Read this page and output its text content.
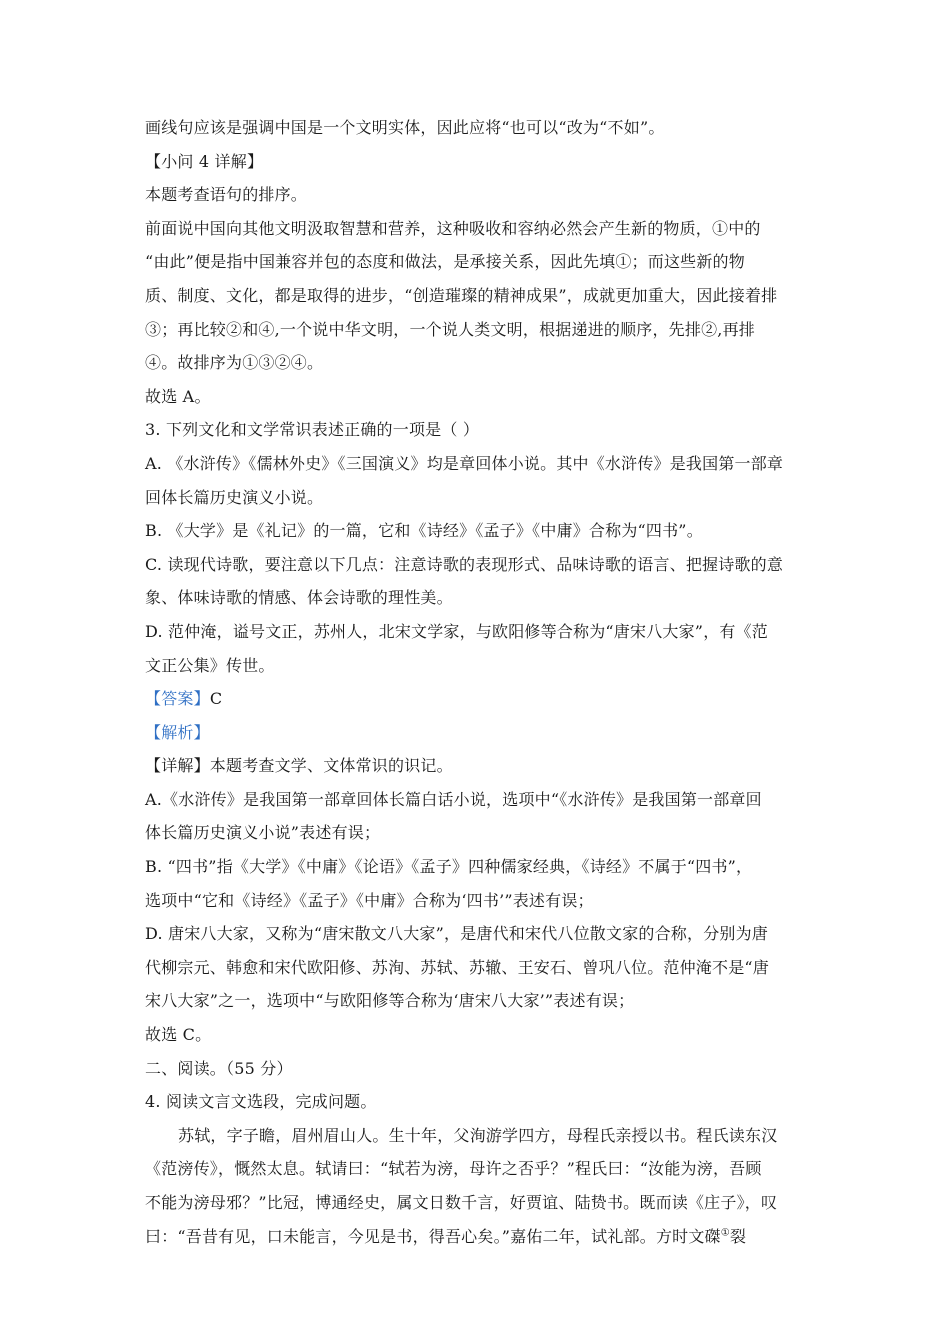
画线句应该是强调中国是一个文明实体，因此应将“也可以“改为“不如”。
【小问 4 详解】
本题考查语句的排序。
前面说中国向其他文明汲取智慧和营养，这种吸收和容纳必然会产生新的物质，①中的
“由此”便是指中国兼容并包的态度和做法，是承接关系，因此先填①；而这些新的物
质、制度、文化，都是取得的进步，“创造璀璨的精神成果”，成就更加重大，因此接着排
③；再比较②和④,一个说中华文明，一个说人类文明，根据递进的顺序，先排②,再排
④。故排序为①③②④。
故选 A。
3. 下列文化和文学常识表述正确的一项是（ ）
A. 《水浒传》《儒林外史》《三国演义》均是章回体小说。其中《水浒传》是我国第一部章
回体长篇历史演义小说。
B. 《大学》是《礼记》的一篇，它和《诗经》《孟子》《中庸》合称为“四书”。
C. 读现代诗歌，要注意以下几点：注意诗歌的表现形式、品味诗歌的语言、把握诗歌的意
象、体味诗歌的情感、体会诗歌的理性美。
D. 范仲淹，谥号文正，苏州人，北宋文学家，与欧阳修等合称为“唐宋八大家”，有《范
文正公集》传世。
【答案】C
【解析】
【详解】本题考查文学、文体常识的识记。
A.《水浒传》是我国第一部章回体长篇白话小说，选项中“《水浒传》是我国第一部章回
体长篇历史演义小说”表述有误；
B. “四书”指《大学》《中庸》《论语》《孟子》四种儒家经典，《诗经》不属于“四书”，
选项中“它和《诗经》《孟子》《中庸》合称为‘四书’”表述有误；
D. 唐宋八大家，又称为“唐宋散文八大家”，是唐代和宋代八位散文家的合称，分别为唐
代柳宗元、韩愈和宋代欧阳修、苏洵、苏轼、苏辙、王安石、曾巩八位。范仲淹不是“唐
宋八大家”之一，选项中“与欧阳修等合称为‘唐宋八大家’”表述有误；
故选 C。
二、阅读。（55 分）
4. 阅读文言文选段，完成问题。
苏轼，字子瞻，眉州眉山人。生十年，父洵游学四方，母程氏亲授以书。程氏读东汉
《范滂传》，慨然太息。轼请曰：“轼若为滂，母许之否乎？”程氏曰：“汝能为滂，吾顾
不能为滂母邪？”比冠，博通经史，属文日数千言，好贾谊、陆贽书。既而读《庄子》，叹
曰：“吾昔有见，口未能言，今见是书，得吾心矣。”嘉佑二年，试礼部。方时文磔①裂
